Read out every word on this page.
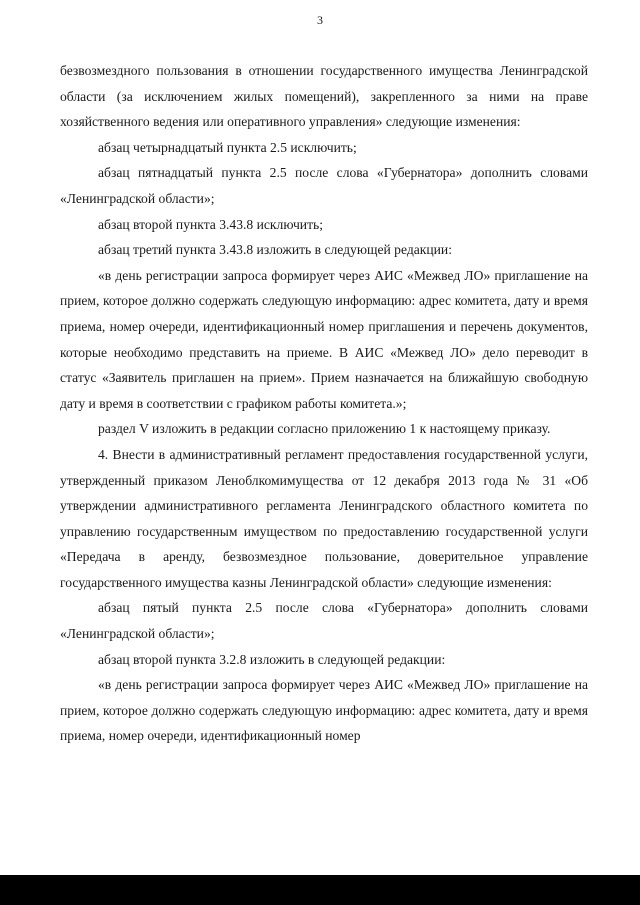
3

безвозмездного пользования в отношении государственного имущества Ленинградской области (за исключением жилых помещений), закрепленного за ними на праве хозяйственного ведения или оперативного управления» следующие изменения:

абзац четырнадцатый пункта 2.5 исключить;

абзац пятнадцатый пункта 2.5 после слова «Губернатора» дополнить словами «Ленинградской области»;

абзац второй пункта 3.43.8 исключить;

абзац третий пункта 3.43.8 изложить в следующей редакции:

«в день регистрации запроса формирует через АИС «Межвед ЛО» приглашение на прием, которое должно содержать следующую информацию: адрес комитета, дату и время приема, номер очереди, идентификационный номер приглашения и перечень документов, которые необходимо представить на приеме. В АИС «Межвед ЛО» дело переводит в статус «Заявитель приглашен на прием». Прием назначается на ближайшую свободную дату и время в соответствии с графиком работы комитета.»;

раздел V изложить в редакции согласно приложению 1 к настоящему приказу.

4. Внести в административный регламент предоставления государственной услуги, утвержденный приказом Леноблкомимущества от 12 декабря 2013 года № 31 «Об утверждении административного регламента Ленинградского областного комитета по управлению государственным имуществом по предоставлению государственной услуги «Передача в аренду, безвозмездное пользование, доверительное управление государственного имущества казны Ленинградской области» следующие изменения:

абзац пятый пункта 2.5 после слова «Губернатора» дополнить словами «Ленинградской области»;

абзац второй пункта 3.2.8 изложить в следующей редакции:

«в день регистрации запроса формирует через АИС «Межвед ЛО» приглашение на прием, которое должно содержать следующую информацию: адрес комитета, дату и время приема, номер очереди, идентификационный номер
